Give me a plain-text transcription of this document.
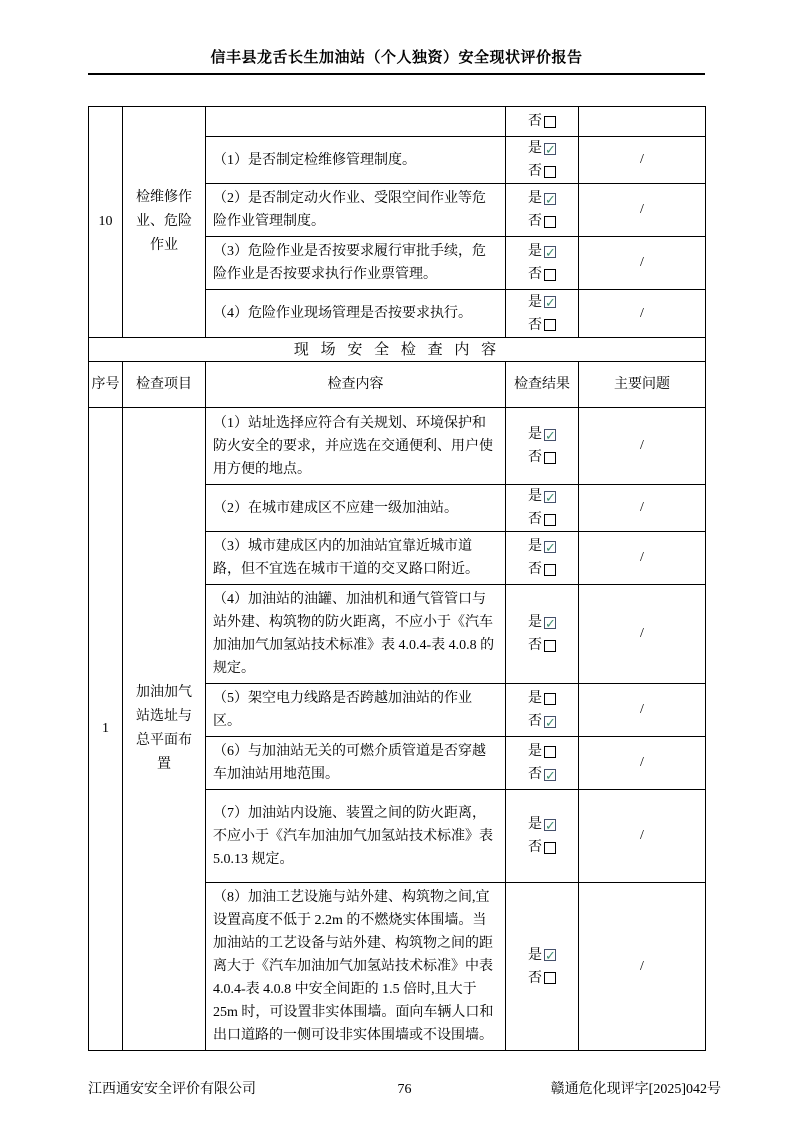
信丰县龙舌长生加油站（个人独资）安全现状评价报告
10	检维修作业、危险作业		否	

		（1）是否制定检维修管理制度。	是
✓
否	/
		（2）是否制定动火作业、受限空间作业等危险作业管理制度。	是
✓
否	/
		（3）危险作业是否按要求履行审批手续，危险作业是否按要求执行作业票管理。	是
✓
否	/
		（4）危险作业现场管理是否按要求执行。	是
✓
否	/
现 场 安 全 检 查 内 容				
序号	检查项目	检查内容	检查结果	主要问题
1	加油加气站选址与总平面布置	（1）站址选择应符合有关规划、环境保护和防火安全的要求，并应选在交通便利、用户使用方便的地点。	是
✓
否	/
		（2）在城市建成区不应建一级加油站。	是
✓
否	/
		（3）城市建成区内的加油站宜靠近城市道路，但不宜选在城市干道的交叉路口附近。	是
✓
否	/
		（4）加油站的油罐、加油机和通气管管口与站外建、构筑物的防火距离，不应小于《汽车加油加气加氢站技术标准》表 4.0.4-表 4.0.8 的规定。	是
✓
否	/
		（5）架空电力线路是否跨越加油站的作业区。	是
否
✓	/
		（6）与加油站无关的可燃介质管道是否穿越车加油站用地范围。	是
否
✓	/
		（7）加油站内设施、装置之间的防火距离，不应小于《汽车加油加气加氢站技术标准》表 5.0.13 规定。	是
✓
否	/
		（8）加油工艺设施与站外建、构筑物之间,宜设置高度不低于 2.2m 的不燃烧实体围墙。当加油站的工艺设备与站外建、构筑物之间的距离大于《汽车加油加气加氢站技术标准》中表 4.0.4-表 4.0.8 中安全间距的 1.5 倍时,且大于 25m 时，可设置非实体围墙。面向车辆人口和出口道路的一侧可设非实体围墙或不设围墙。	是
✓
否	/
江西通安安全评价有限公司	76	赣通危化现评字[2025]042号
